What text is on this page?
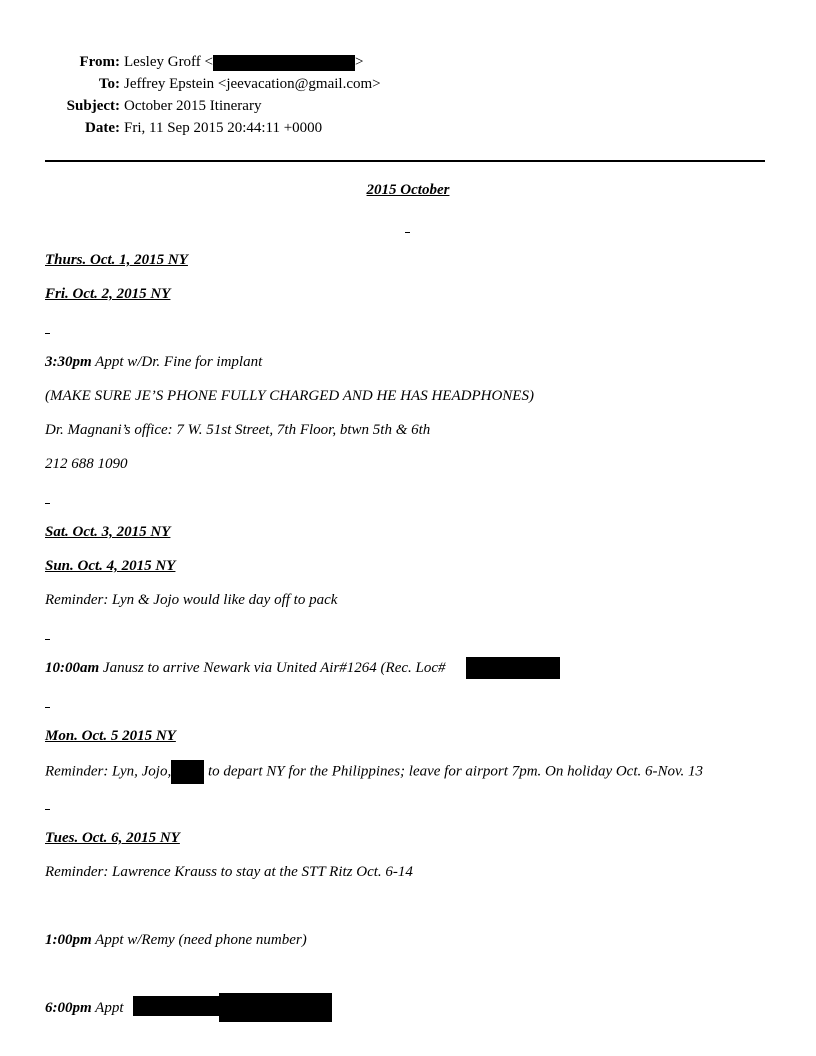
From: Lesley Groff <	>
To: Jeffrey Epstein <jeevacation@gmail.com>
Subject: October 2015 Itinerary
Date: Fri, 11 Sep 2015 20:44:11 +0000
2015 October
Thurs. Oct. 1, 2015 NY
Fri. Oct. 2, 2015 NY
3:30pm Appt w/Dr. Fine for implant
(MAKE SURE JE’S PHONE FULLY CHARGED AND HE HAS HEADPHONES)
Dr. Magnani’s office: 7 W. 51st Street, 7th Floor, btwn 5th & 6th
212 688 1090
Sat. Oct. 3, 2015 NY
Sun. Oct. 4, 2015 NY
Reminder: Lyn & Jojo would like day off to pack
10:00am Janusz to arrive Newark via United Air#1264 (Rec. Loc#
Mon. Oct. 5 2015 NY
Reminder: Lyn, Jojo, to depart NY for the Philippines; leave for airport 7pm. On holiday Oct. 6-Nov. 13
Tues. Oct. 6, 2015 NY
Reminder: Lawrence Krauss to stay at the STT Ritz Oct. 6-14
1:00pm Appt w/Remy (need phone number)
6:00pm Appt
